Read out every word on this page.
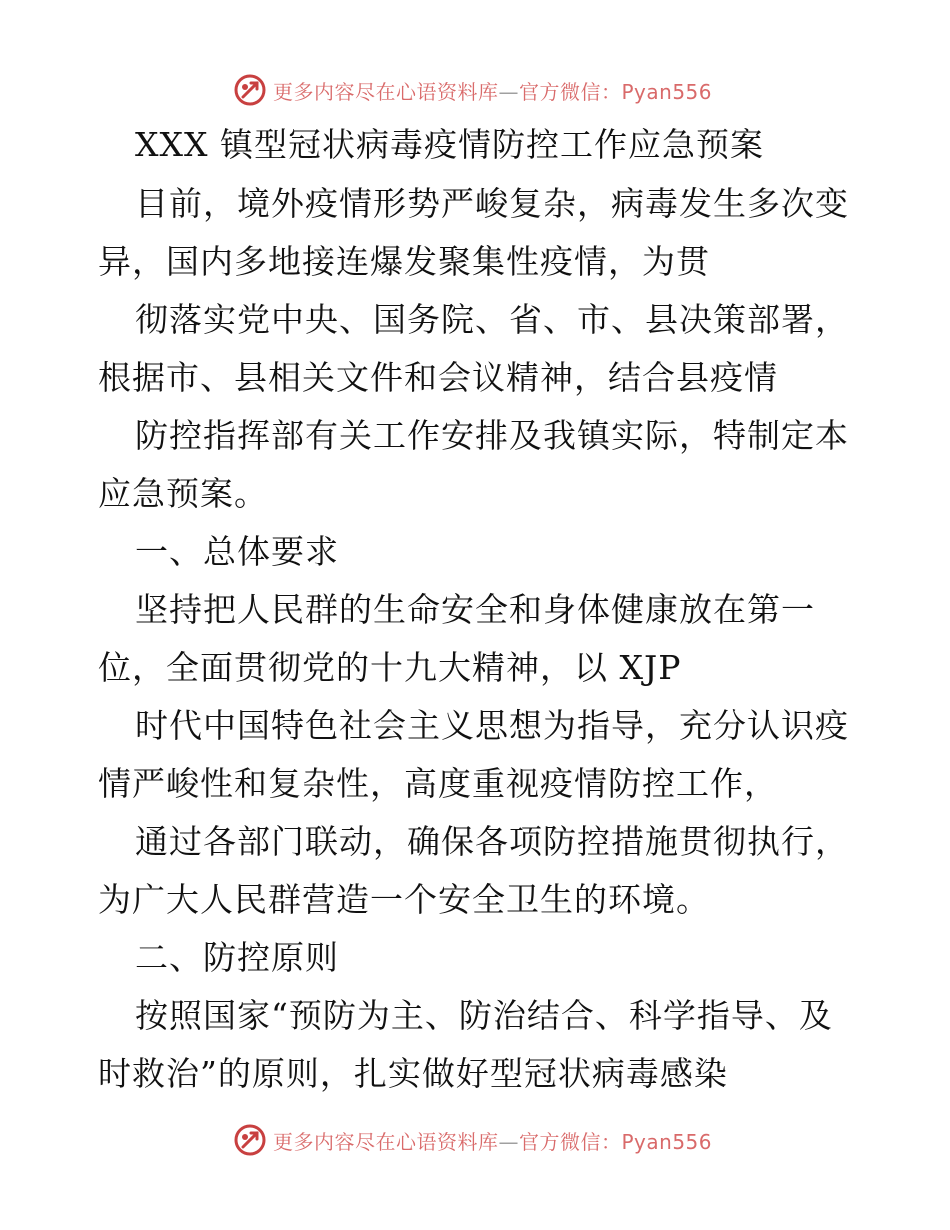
更多内容尽在心语资料库—官方微信：Pyan556
XXX 镇型冠状病毒疫情防控工作应急预案
目前，境外疫情形势严峻复杂，病毒发生多次变
异，国内多地接连爆发聚集性疫情，为贯
彻落实党中央、国务院、省、市、县决策部署，
根据市、县相关文件和会议精神，结合县疫情
防控指挥部有关工作安排及我镇实际，特制定本
应急预案。
一、总体要求
坚持把人民群的生命安全和身体健康放在第一
位，全面贯彻党的十九大精神，以 XJP
时代中国特色社会主义思想为指导，充分认识疫
情严峻性和复杂性，高度重视疫情防控工作，
通过各部门联动，确保各项防控措施贯彻执行，
为广大人民群营造一个安全卫生的环境。
二、防控原则
按照国家“预防为主、防治结合、科学指导、及
时救治”的原则，扎实做好型冠状病毒感染
更多内容尽在心语资料库—官方微信：Pyan556
